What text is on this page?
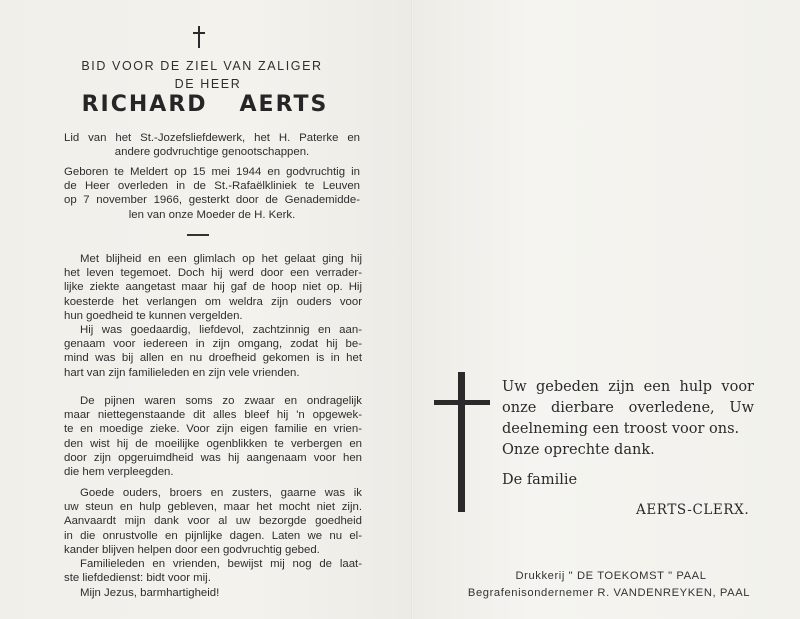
BID VOOR DE ZIEL VAN ZALIGER
DE HEER
RICHARD AERTS
Lid van het St.-Jozefsliefdewerk, het H. Paterke en
andere godvruchtige genootschappen.
Geboren te Meldert op 15 mei 1944 en godvruchtig in
de Heer overleden in de St.-Rafaëlkliniek te Leuven
op 7 november 1966, gesterkt door de Genademidde-
len van onze Moeder de H. Kerk.
Met blijheid en een glimlach op het gelaat ging hij
het leven tegemoet. Doch hij werd door een verrader-
lijke ziekte aangetast maar hij gaf de hoop niet op. Hij
koesterde het verlangen om weldra zijn ouders voor
hun goedheid te kunnen vergelden.
Hij was goedaardig, liefdevol, zachtzinnig en aan-
genaam voor iedereen in zijn omgang, zodat hij be-
mind was bij allen en nu droefheid gekomen is in het
hart van zijn familieleden en zijn vele vrienden.
De pijnen waren soms zo zwaar en ondragelijk
maar niettegenstaande dit alles bleef hij 'n opgewek-
te en moedige zieke. Voor zijn eigen familie en vrien-
den wist hij de moeilijke ogenblikken te verbergen en
door zijn opgeruimdheid was hij aangenaam voor hen
die hem verpleegden.
Goede ouders, broers en zusters, gaarne was ik
uw steun en hulp gebleven, maar het mocht niet zijn.
Aanvaardt mijn dank voor al uw bezorgde goedheid
in die onrustvolle en pijnlijke dagen. Laten we nu el-
kander blijven helpen door een godvruchtig gebed.
Familieleden en vrienden, bewijst mij nog de laat-
ste liefdedienst: bidt voor mij.
Mijn Jezus, barmhartigheid!
Uw gebeden zijn een hulp voor
onze dierbare overledene, Uw
deelneming een troost voor ons.
Onze oprechte dank.
De familie
AERTS-CLERX.
Drukkerij " DE TOEKOMST " PAAL
Begrafenisondernemer R. VANDENREYKEN, PAAL
